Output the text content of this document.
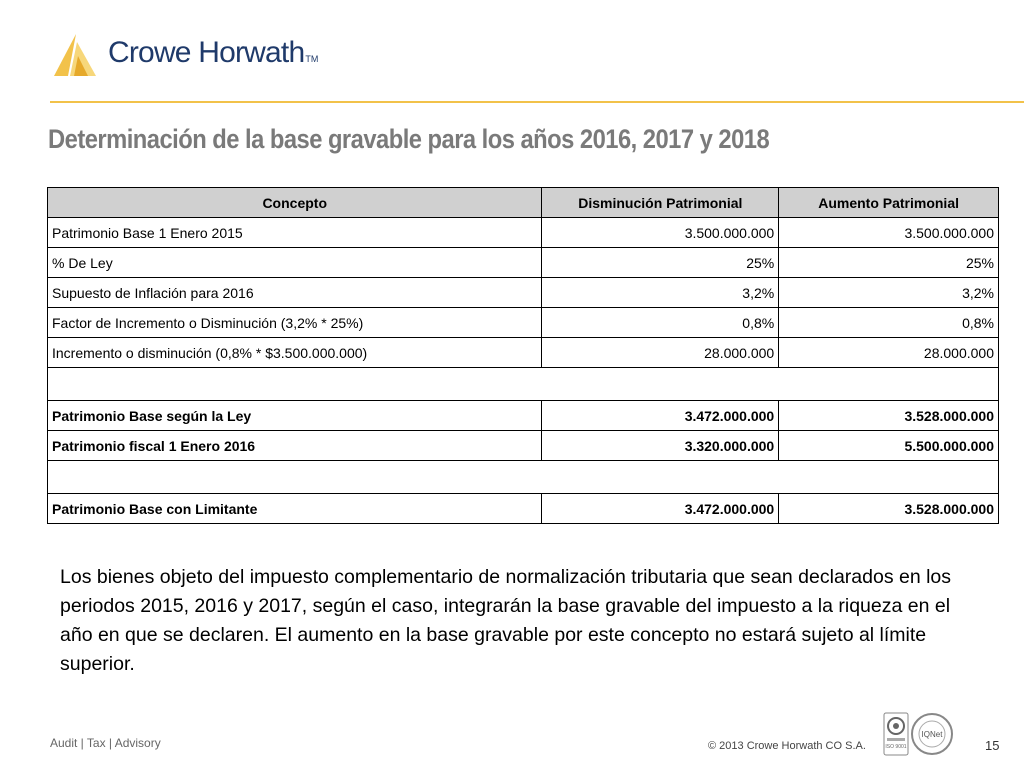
Crowe HorwathTM
Determinación de la base gravable para los años 2016, 2017 y 2018
Concepto	Disminución Patrimonial	Aumento Patrimonial
Patrimonio Base 1 Enero 2015	3.500.000.000	3.500.000.000
% De Ley	25%	25%
Supuesto de Inflación para 2016	3,2%	3,2%
Factor de Incremento o Disminución (3,2% * 25%)	0,8%	0,8%
Incremento o disminución (0,8% * $3.500.000.000)	28.000.000	28.000.000

Patrimonio Base según la Ley	3.472.000.000	3.528.000.000
Patrimonio fiscal 1 Enero 2016	3.320.000.000	5.500.000.000

Patrimonio Base con Limitante	3.472.000.000	3.528.000.000

Los bienes objeto del impuesto complementario de normalización tributaria que sean declarados en los periodos 2015, 2016 y 2017, según el caso, integrarán la base gravable del impuesto a la riqueza en el año en que se declaren. El aumento en la base gravable por este concepto no estará sujeto al límite superior.

Audit | Tax | Advisory	© 2013 Crowe Horwath CO S.A.	ISO 9001
IQNet
15
